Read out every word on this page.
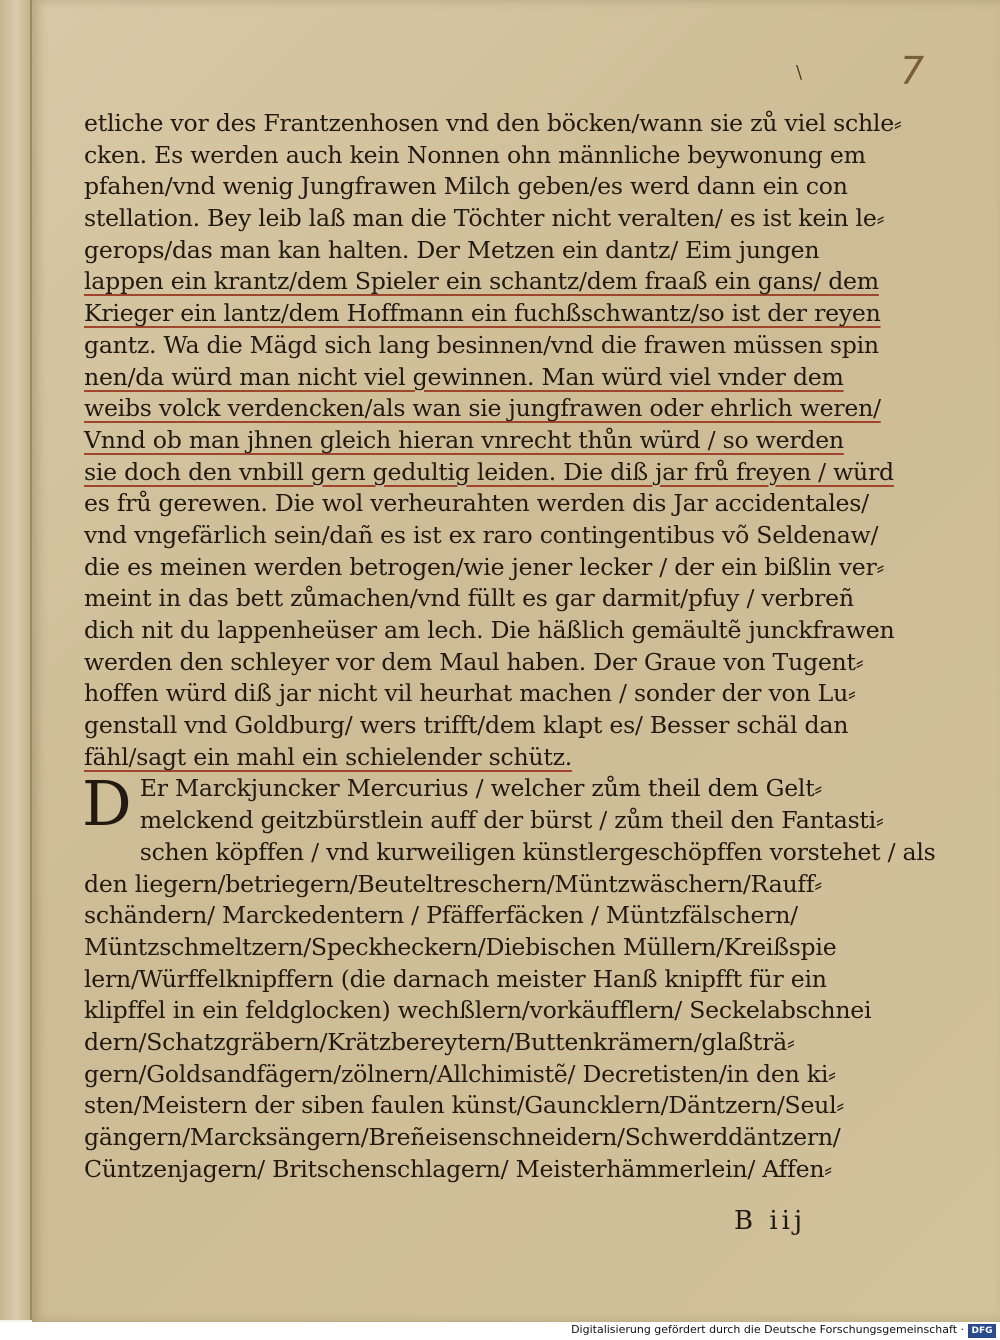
\	7
etliche vor des Frantzenhosen vnd den böcken/wann sie zů viel schle⸗
cken. Es werden auch kein Nonnen ohn männliche beywonung em
pfahen/vnd wenig Jungfrawen Milch geben/es werd dann ein con
stellation. Bey leib laß man die Töchter nicht veralten/ es ist kein le⸗
gerops/das man kan halten. Der Metzen ein dantz/ Eim jungen
lappen ein krantz/dem Spieler ein schantz/dem fraaß ein gans/ dem
Krieger ein lantz/dem Hoffmann ein fuchßschwantz/so ist der reyen
gantz. Wa die Mägd sich lang besinnen/vnd die frawen müssen spin
nen/da würd man nicht viel gewinnen. Man würd viel vnder dem
weibs volck verdencken/als wan sie jungfrawen oder ehrlich weren/
Vnnd ob man jhnen gleich hieran vnrecht thůn würd / so werden
sie doch den vnbill gern gedultig leiden. Die diß jar frů freyen / würd
es frů gerewen. Die wol verheurahten werden dis Jar accidentales/
vnd vngefärlich sein/dañ es ist ex raro contingentibus võ Seldenaw/
die es meinen werden betrogen/wie jener lecker / der ein bißlin ver⸗
meint in das bett zůmachen/vnd füllt es gar darmit/pfuy / verbreñ
dich nit du lappenheüser am lech. Die häßlich gemäultẽ junckfrawen
werden den schleyer vor dem Maul haben. Der Graue von Tugent⸗
hoffen würd diß jar nicht vil heurhat machen / sonder der von Lu⸗
genstall vnd Goldburg/ wers trifft/dem klapt es/ Besser schäl dan
fähl/sagt ein mahl ein schielender schütz.
D Er Marckjuncker Mercurius / welcher zům theil dem Gelt⸗
melckend geitzbürstlein auff der bürst / zům theil den Fantasti⸗
schen köpffen / vnd kurweiligen künstlergeschöpffen vorstehet / als
den liegern/betriegern/Beuteltreschern/Müntzwäschern/Rauff⸗
schändern/ Marckedentern / Pfäfferfäcken / Müntzfälschern/
Müntzschmeltzern/Speckheckern/Diebischen Müllern/Kreißspie
lern/Würffelknipffern (die darnach meister Hanß knipfft für ein
klipffel in ein feldglocken) wechßlern/vorkäufflern/ Seckelabschnei
dern/Schatzgräbern/Krätzbereytern/Buttenkrämern/glaßträ⸗
gern/Goldsandfägern/zölnern/Allchimistẽ/ Decretisten/in den ki⸗
sten/Meistern der siben faulen künst/Gauncklern/Däntzern/Seul⸗
gängern/Marcksängern/Breñeisenschneidern/Schwerddäntzern/
Cüntzenjagern/ Britschenschlagern/ Meisterhämmerlein/ Affen⸗
B iij
Digitalisierung gefördert durch die Deutsche Forschungsgemeinschaft · DFG
